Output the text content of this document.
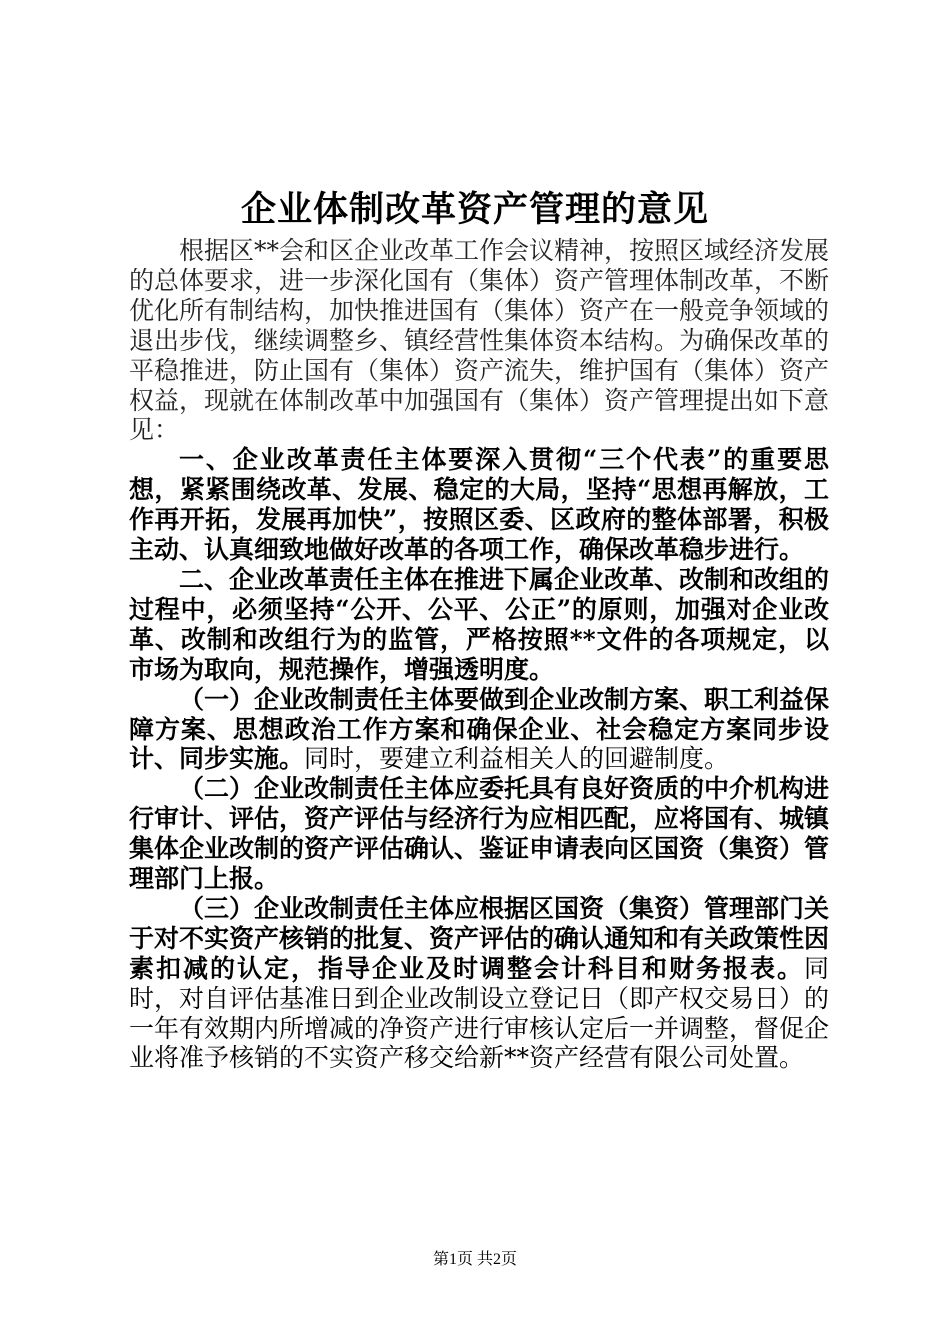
企业体制改革资产管理的意见

根据区**会和区企业改革工作会议精神，按照区域经济发展的总体要求，进一步深化国有（集体）资产管理体制改革，不断优化所有制结构，加快推进国有（集体）资产在一般竞争领域的退出步伐，继续调整乡、镇经营性集体资本结构。为确保改革的平稳推进，防止国有（集体）资产流失，维护国有（集体）资产权益，现就在体制改革中加强国有（集体）资产管理提出如下意见：

一、企业改革责任主体要深入贯彻“三个代表”的重要思想，紧紧围绕改革、发展、稳定的大局，坚持“思想再解放，工作再开拓，发展再加快”，按照区委、区政府的整体部署，积极主动、认真细致地做好改革的各项工作，确保改革稳步进行。

二、企业改革责任主体在推进下属企业改革、改制和改组的过程中，必须坚持“公开、公平、公正”的原则，加强对企业改革、改制和改组行为的监管，严格按照**文件的各项规定，以市场为取向，规范操作，增强透明度。

（一）企业改制责任主体要做到企业改制方案、职工利益保障方案、思想政治工作方案和确保企业、社会稳定方案同步设计、同步实施。同时，要建立利益相关人的回避制度。

（二）企业改制责任主体应委托具有良好资质的中介机构进行审计、评估，资产评估与经济行为应相匹配，应将国有、城镇集体企业改制的资产评估确认、鉴证申请表向区国资（集资）管理部门上报。

（三）企业改制责任主体应根据区国资（集资）管理部门关于对不实资产核销的批复、资产评估的确认通知和有关政策性因素扣减的认定，指导企业及时调整会计科目和财务报表。同时，对自评估基准日到企业改制设立登记日（即产权交易日）的一年有效期内所增减的净资产进行审核认定后一并调整，督促企业将准予核销的不实资产移交给新**资产经营有限公司处置。

第1页 共2页
